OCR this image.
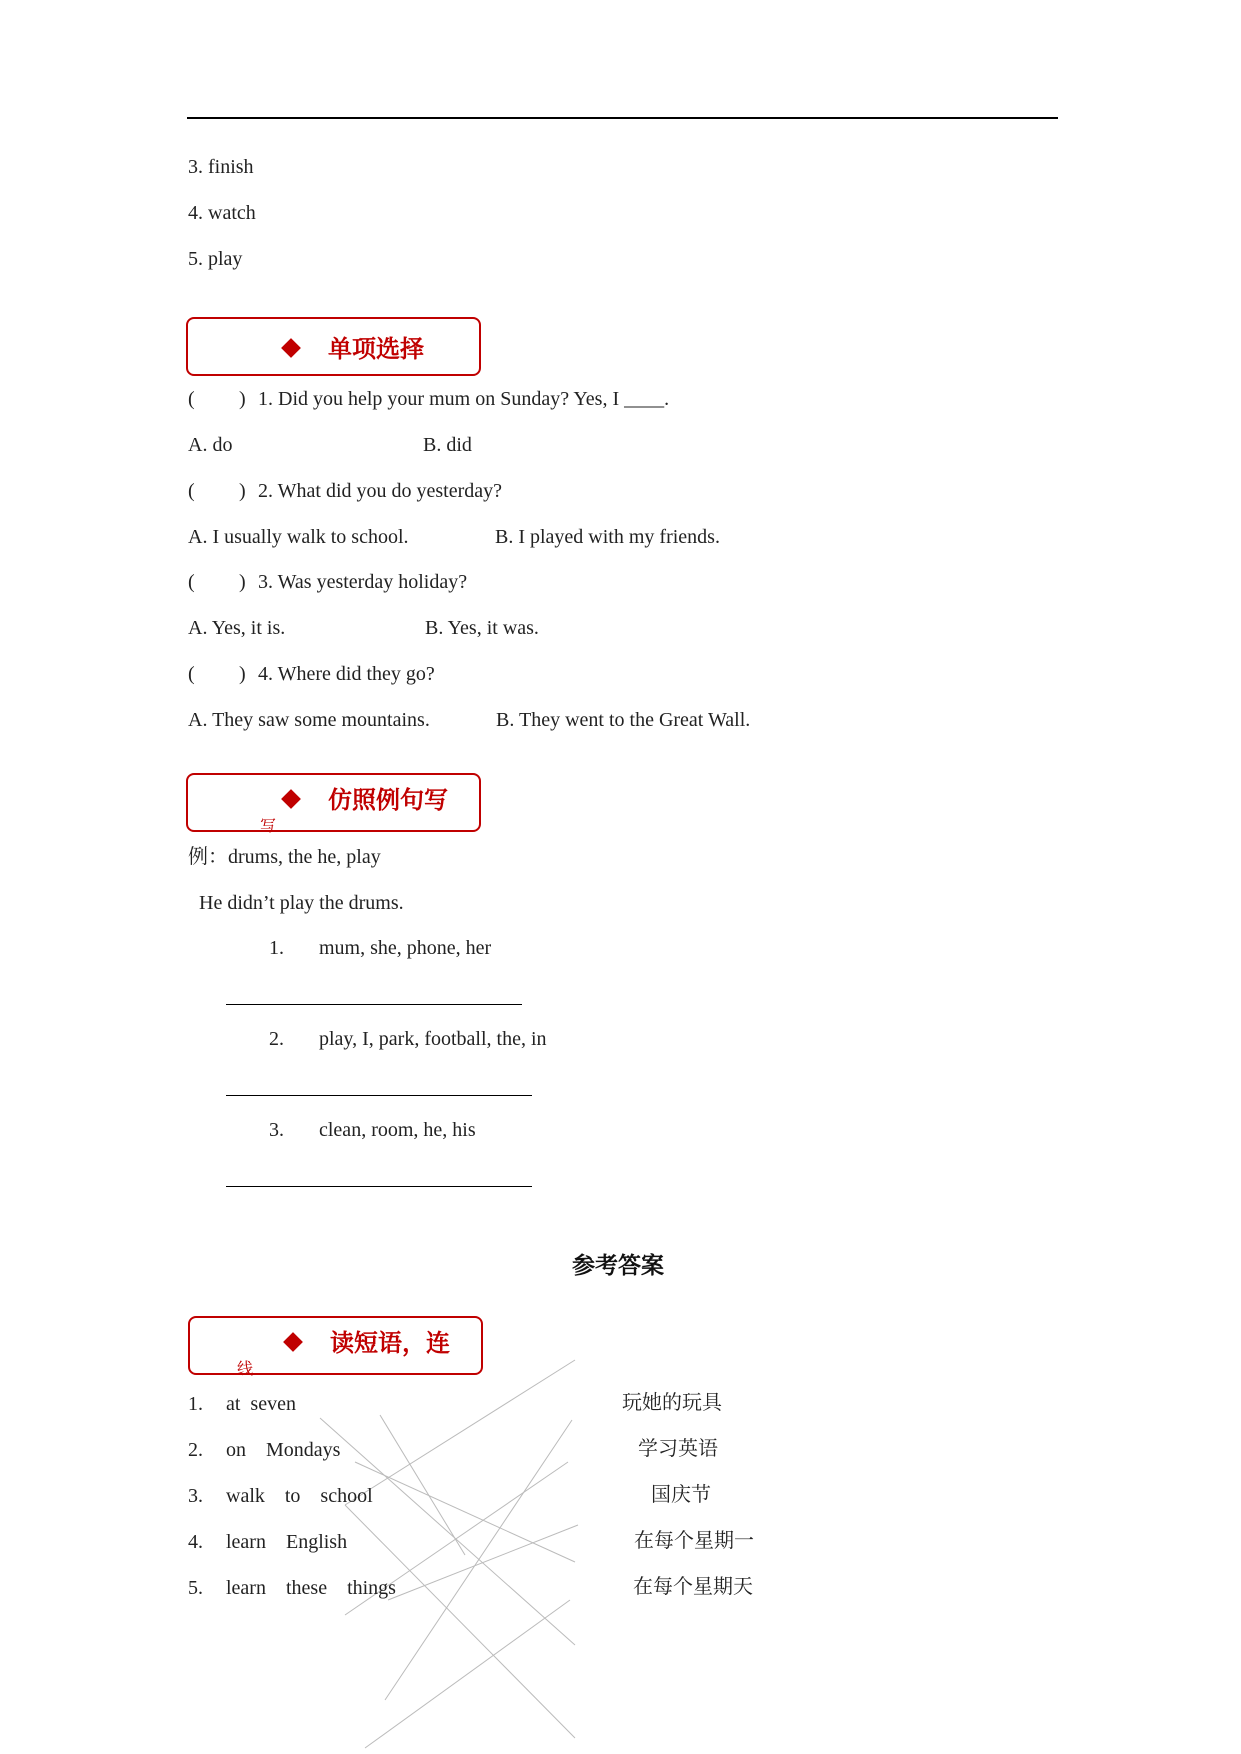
3. finish
4. watch
5. play
单项选择
( ) 1. Did you help your mum on Sunday? Yes, I ____.
A. do	B. did
( ) 2. What did you do yesterday?
A. I usually walk to school.	B. I played with my friends.
( ) 3. Was yesterday holiday?
A. Yes, it is.	B. Yes, it was.
( ) 4. Where did they go?
A. They saw some mountains.	B. They went to the Great Wall.
仿照例句写
写
例：drums, the he, play
He didn’t play the drums.
1. mum, she, phone, her
2. play, I, park, football, the, in
3. clean, room, he, his
参考答案
读短语，连
线
1. at  seven
2. on    Mondays
3. walk    to    school
4. learn    English
5. learn    these    things
玩她的玩具
学习英语
国庆节
在每个星期一
在每个星期天
